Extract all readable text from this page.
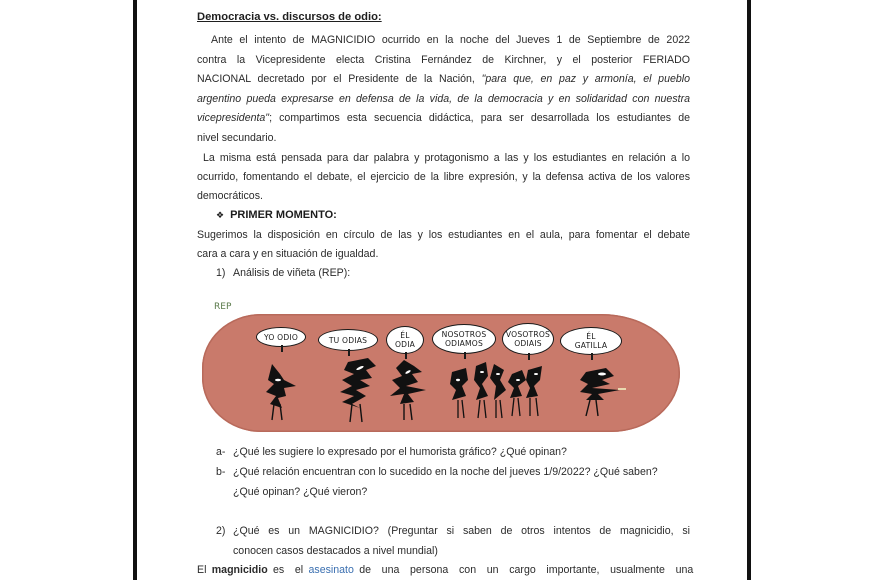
Democracia vs. discursos de odio:
Ante el intento de MAGNICIDIO ocurrido en la noche del Jueves 1 de Septiembre de 2022
contra la Vicepresidente electa Cristina Fernández de Kirchner, y el posterior FERIADO
NACIONAL decretado por el Presidente de la Nación, "para que, en paz y armonía, el pueblo
argentino pueda expresarse en defensa de la vida, de la democracia y en solidaridad con nuestra
vicepresidenta"; compartimos esta secuencia didáctica, para ser desarrollada los estudiantes de
nivel secundario.
La misma está pensada para dar palabra y protagonismo a las y los estudiantes en relación a lo
ocurrido, fomentando el debate, el ejercicio de la libre expresión, y la defensa activa de los valores
democráticos.
❖ PRIMER MOMENTO:
Sugerimos la disposición en círculo de las y los estudiantes en el aula, para fomentar el debate
cara a cara y en situación de igualdad.
1) Análisis de viñeta (REP):
REP
YO ODIO	TU ODIAS	ÉL ODIA
NOSOTROS ODIAMOS
VOSOTROS ODIAIS
ÉL GATILLA
a- ¿Qué les sugiere lo expresado por el humorista gráfico? ¿Qué opinan?
b- ¿Qué relación encuentran con lo sucedido en la noche del jueves 1/9/2022? ¿Qué saben?
¿Qué opinan? ¿Qué vieron?
2) ¿Qué es un MAGNICIDIO? (Preguntar si saben de otros intentos de magnicidio, si
conocen casos destacados a nivel mundial)
El magnicidio es  el asesinato de  una  persona  con  un  cargo  importante,  usualmente  una
